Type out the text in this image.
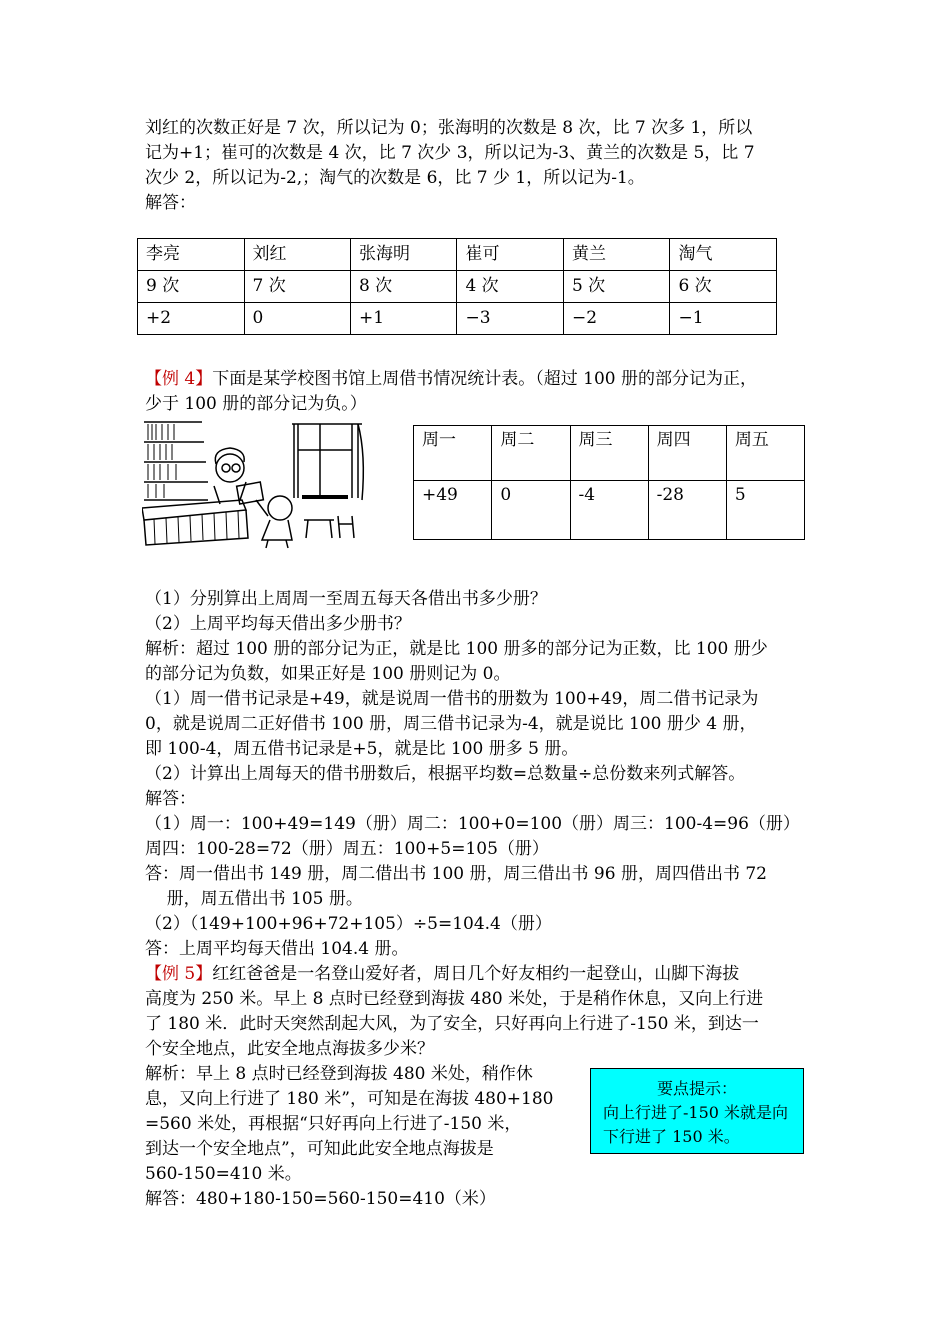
刘红的次数正好是 7 次，所以记为 0；张海明的次数是 8 次，比 7 次多 1，所以
记为+1；崔可的次数是 4 次，比 7 次少 3，所以记为-3、黄兰的次数是 5，比 7
次少 2，所以记为-2,；淘气的次数是 6，比 7 少 1，所以记为-1。
解答：
李亮	刘红	张海明	崔可	黄兰	淘气
9 次	7 次	8 次	4 次	5 次	6 次
+2	0	+1	−3	−2	−1
【例 4】下面是某学校图书馆上周借书情况统计表。（超过 100 册的部分记为正，
少于 100 册的部分记为负。）
周一	周二	周三	周四	周五
+49	0	-4	-28	5
（1）分别算出上周周一至周五每天各借出书多少册？
（2）上周平均每天借出多少册书？
解析：超过 100 册的部分记为正，就是比 100 册多的部分记为正数，比 100 册少
的部分记为负数，如果正好是 100 册则记为 0。
（1）周一借书记录是+49，就是说周一借书的册数为 100+49，周二借书记录为
0，就是说周二正好借书 100 册，周三借书记录为-4，就是说比 100 册少 4 册，
即 100-4，周五借书记录是+5，就是比 100 册多 5 册。
（2）计算出上周每天的借书册数后，根据平均数=总数量÷总份数来列式解答。
解答：
（1）周一：100+49=149（册）周二：100+0=100（册）周三：100-4=96（册）
周四：100-28=72（册）周五：100+5=105（册）
答：周一借出书 149 册，周二借出书 100 册，周三借出书 96 册，周四借出书 72
册，周五借出书 105 册。
（2）（149+100+96+72+105）÷5=104.4（册）
答：上周平均每天借出 104.4 册。
【例 5】红红爸爸是一名登山爱好者，周日几个好友相约一起登山，山脚下海拔
高度为 250 米。早上 8 点时已经登到海拔 480 米处，于是稍作休息，又向上行进
了 180 米．此时天突然刮起大风，为了安全，只好再向上行进了-150 米，到达一
个安全地点，此安全地点海拔多少米？
解析：早上 8 点时已经登到海拔 480 米处，稍作休
息，又向上行进了 180 米”，可知是在海拔 480+180
=560 米处，再根据“只好再向上行进了-150 米，
到达一个安全地点”，可知此此安全地点海拔是
560-150=410 米。
解答：480+180-150=560-150=410（米）
要点提示：
向上行进了-150 米就是向
下行进了 150 米。
